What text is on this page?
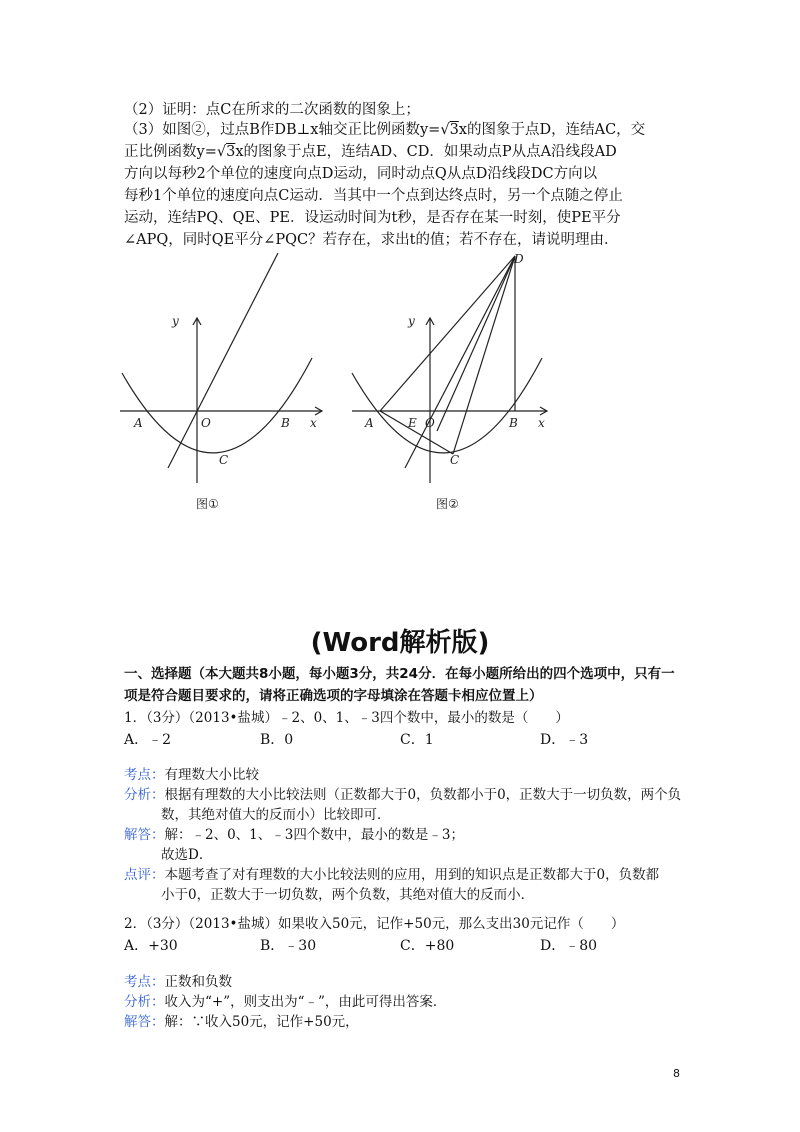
（2）证明：点C在所求的二次函数的图象上；
（3）如图②，过点B作DB⊥x轴交正比例函数y=√3x的图象于点D，连结AC，交
正比例函数y=√3x的图象于点E，连结AD、CD．如果动点P从点A沿线段AD
方向以每秒2个单位的速度向点D运动，同时动点Q从点D沿线段DC方向以
每秒1个单位的速度向点C运动．当其中一个点到达终点时，另一个点随之停止
运动，连结PQ、QE、PE．设运动时间为t秒，是否存在某一时刻，使PE平分
∠APQ，同时QE平分∠PQC？若存在，求出t的值；若不存在，请说明理由．
y
x
A	O	B
C
图①
y
x
A	E O	B
C
D
图②
(Word解析版)
一、选择题（本大题共8小题，每小题3分，共24分．在每小题所给出的四个选项中，只有一
项是符合题目要求的，请将正确选项的字母填涂在答题卡相应位置上）
1．（3分）（2013•盐城）﹣2、0、1、﹣3四个数中，最小的数是（　　）
A．﹣2	B．0	C．1	D．﹣3
考点：有理数大小比较
分析：根据有理数的大小比较法则（正数都大于0，负数都小于0，正数大于一切负数，两个负
数，其绝对值大的反而小）比较即可．
解答：解：﹣2、0、1、﹣3四个数中，最小的数是﹣3；
故选D．
点评：本题考查了对有理数的大小比较法则的应用，用到的知识点是正数都大于0，负数都
小于0，正数大于一切负数，两个负数，其绝对值大的反而小．
2．（3分）（2013•盐城）如果收入50元，记作+50元，那么支出30元记作（　　）
A．+30	B．﹣30	C．+80	D．﹣80
考点：正数和负数
分析：收入为“+”，则支出为“﹣”，由此可得出答案．
解答：解：∵收入50元，记作+50元，
8
